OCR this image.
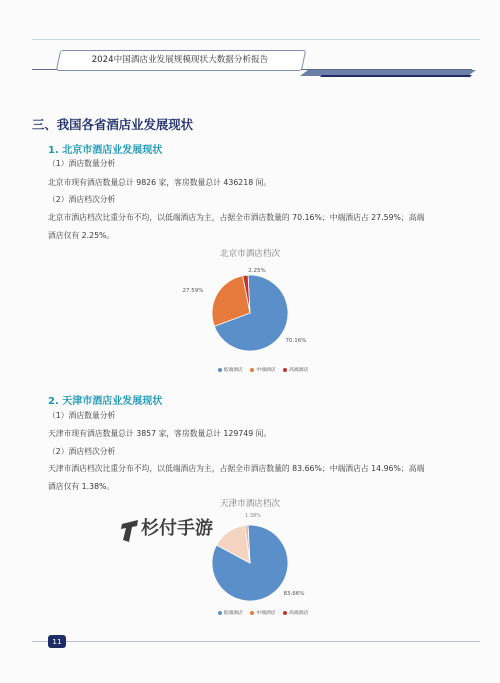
2024中国酒店业发展规模现状大数据分析报告
三、我国各省酒店业发展现状
1. 北京市酒店业发展现状
（1）酒店数量分析
北京市现有酒店数量总计 9826 家，客房数量总计 436218 间。
（2）酒店档次分析
北京市酒店档次比重分布不均，以低端酒店为主，占据全市酒店数量的 70.16%；中端酒店占 27.59%；高端
酒店仅有 2.25%。
北京市酒店档次
2.25%
27.59%
70.16%
低端酒店	中端酒店	高端酒店
2. 天津市酒店业发展现状
（1）酒店数量分析
天津市现有酒店数量总计 3857 家，客房数量总计 129749 间。
（2）酒店档次分析
天津市酒店档次比重分布不均，以低端酒店为主，占据全市酒店数量的 83.66%；中端酒店占 14.96%；高端
酒店仅有 1.38%。
天津市酒店档次
1.38%
83.66%
低端酒店	中端酒店	高端酒店
杉付手游
11
